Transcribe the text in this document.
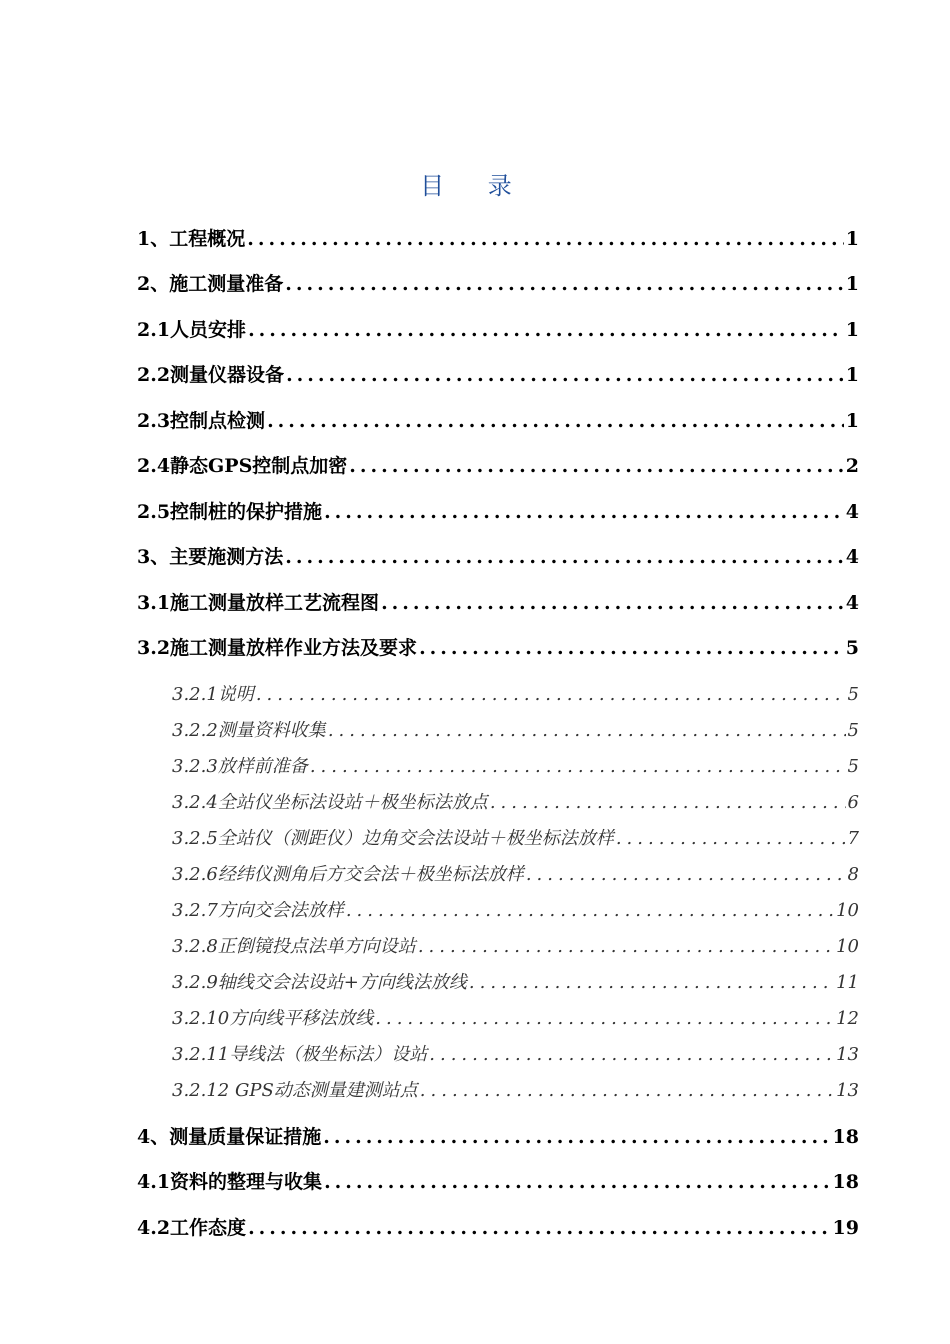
目 录
1、工程概况 .....	1
2、施工测量准备 .....	1
2.1人员安排 .....	1
2.2测量仪器设备 .....	1
2.3控制点检测 .....	1
2.4静态GPS控制点加密 .....	2
2.5控制桩的保护措施 .....	4
3、主要施测方法 .....	4
3.1施工测量放样工艺流程图 .....	4
3.2施工测量放样作业方法及要求 .....	5
3.2.1说明 .....	5
3.2.2测量资料收集 .....	5
3.2.3放样前准备 .....	5
3.2.4全站仪坐标法设站＋极坐标法放点 .....	6
3.2.5全站仪（测距仪）边角交会法设站＋极坐标法放样 .....	7
3.2.6经纬仪测角后方交会法＋极坐标法放样 .....	8
3.2.7方向交会法放样 .....	10
3.2.8正倒镜投点法单方向设站 .....	10
3.2.9轴线交会法设站+方向线法放线 .....	11
3.2.10方向线平移法放线 .....	12
3.2.11导线法（极坐标法）设站 .....	13
3.2.12 GPS动态测量建测站点 .....	13
4、测量质量保证措施 .....	18
4.1资料的整理与收集 .....	18
4.2工作态度 .....	19
